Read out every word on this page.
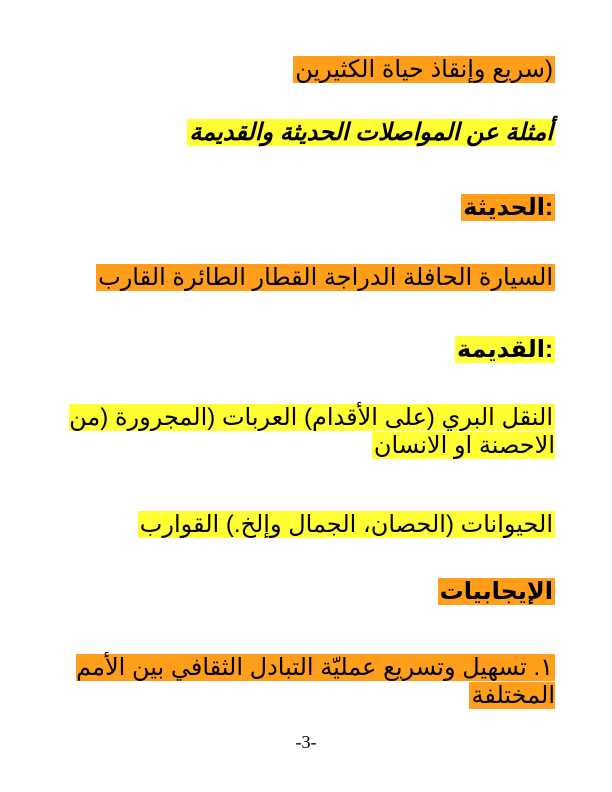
(سريع وإنقاذ حياة الكثيرين
أمثلة عن المواصلات الحديثة والقديمة
:الحديثة
السيارة الحافلة الدراجة القطار الطائرة القارب
:القديمة
النقل البري (على الأقدام) العربات (المجرورة (من الاحصنة او الانسان
الحيوانات (الحصان، الجمال وإلخ.) القوارب
الإيجابيات
١. تسهيل وتسريع عمليّة التبادل الثقافي بين الأمم المختلفة
-3-
